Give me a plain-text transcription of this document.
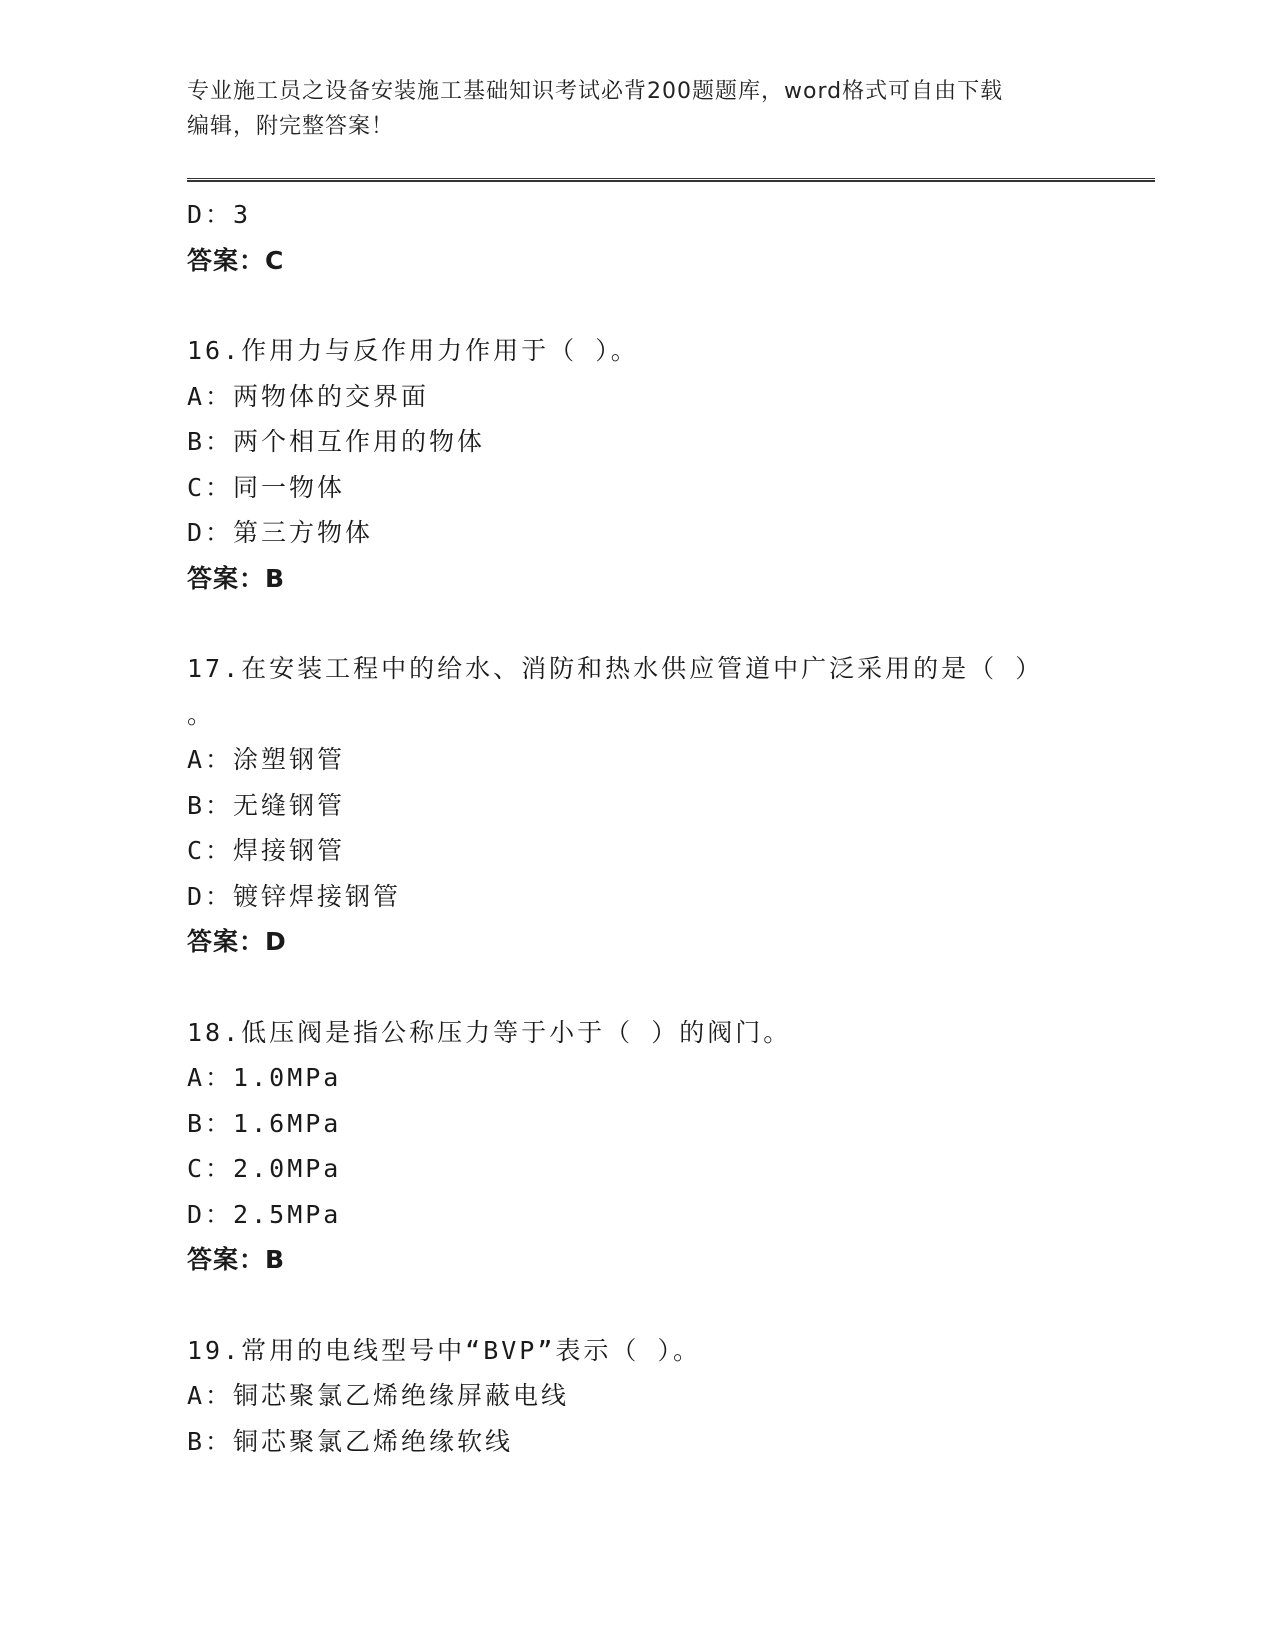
专业施工员之设备安装施工基础知识考试必背200题题库，word格式可自由下载
编辑，附完整答案！
D：3
答案：C
16.作用力与反作用力作用于（ ）。
A：两物体的交界面
B：两个相互作用的物体
C：同一物体
D：第三方物体
答案：B
17.在安装工程中的给水、消防和热水供应管道中广泛采用的是（ ）
。
A：涂塑钢管
B：无缝钢管
C：焊接钢管
D：镀锌焊接钢管
答案：D
18.低压阀是指公称压力等于小于（ ）的阀门。
A：1.0MPa
B：1.6MPa
C：2.0MPa
D：2.5MPa
答案：B
19.常用的电线型号中“BVP”表示（ ）。
A：铜芯聚氯乙烯绝缘屏蔽电线
B：铜芯聚氯乙烯绝缘软线
